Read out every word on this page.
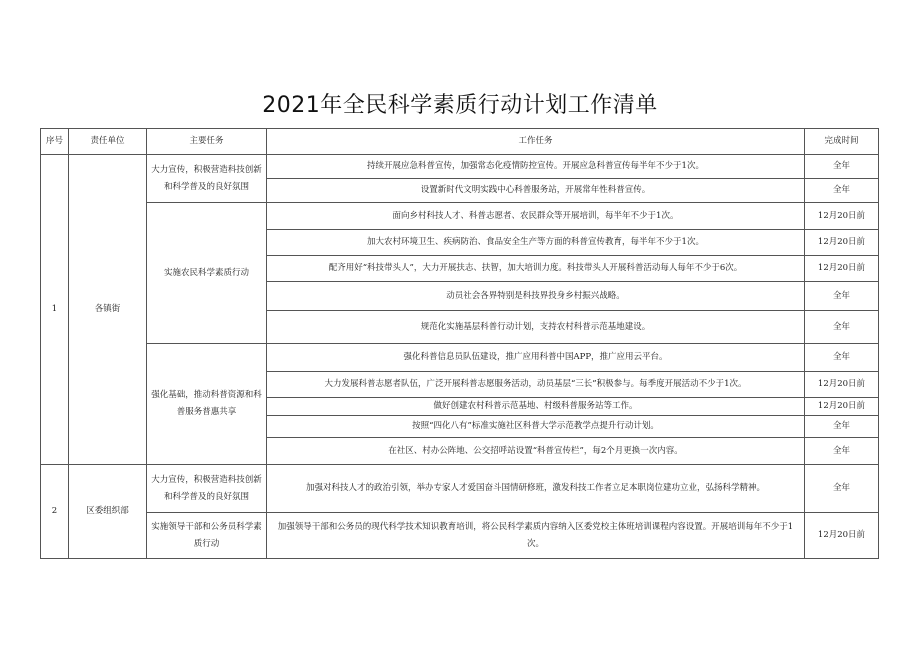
2021年全民科学素质行动计划工作清单
序号	责任单位	主要任务	工作任务	完成时间
1	各镇街	大力宣传，积极营造科技创新和科学普及的良好氛围	持续开展应急科普宣传，加强常态化疫情防控宣传。开展应急科普宣传每半年不少于1次。	全年
			设置新时代文明实践中心科普服务站，开展常年性科普宣传。	全年
		实施农民科学素质行动	面向乡村科技人才、科普志愿者、农民群众等开展培训，每半年不少于1次。	12月20日前
			加大农村环境卫生、疾病防治、食品安全生产等方面的科普宣传教育，每半年不少于1次。	12月20日前
			配齐用好“科技带头人”，大力开展扶志、扶智，加大培训力度。科技带头人开展科普活动每人每年不少于6次。	12月20日前
			动员社会各界特别是科技界投身乡村振兴战略。	全年
			规范化实施基层科普行动计划，支持农村科普示范基地建设。	全年
		强化基础，推动科普资源和科普服务普惠共享	强化科普信息员队伍建设，推广应用科普中国APP，推广应用云平台。	全年
			大力发展科普志愿者队伍，广泛开展科普志愿服务活动，动员基层“三长”积极参与。每季度开展活动不少于1次。	12月20日前
			做好创建农村科普示范基地、村级科普服务站等工作。	12月20日前
			按照“四化八有”标准实施社区科普大学示范教学点提升行动计划。	全年
			在社区、村办公阵地、公交招呼站设置“科普宣传栏”，每2个月更换一次内容。	全年
2	区委组织部	大力宣传，积极营造科技创新和科学普及的良好氛围	加强对科技人才的政治引领，举办专家人才爱国奋斗国情研修班，激发科技工作者立足本职岗位建功立业，弘扬科学精神。	全年
		实施领导干部和公务员科学素质行动	加强领导干部和公务员的现代科学技术知识教育培训，将公民科学素质内容纳入区委党校主体班培训课程内容设置。开展培训每年不少于1次。	12月20日前
